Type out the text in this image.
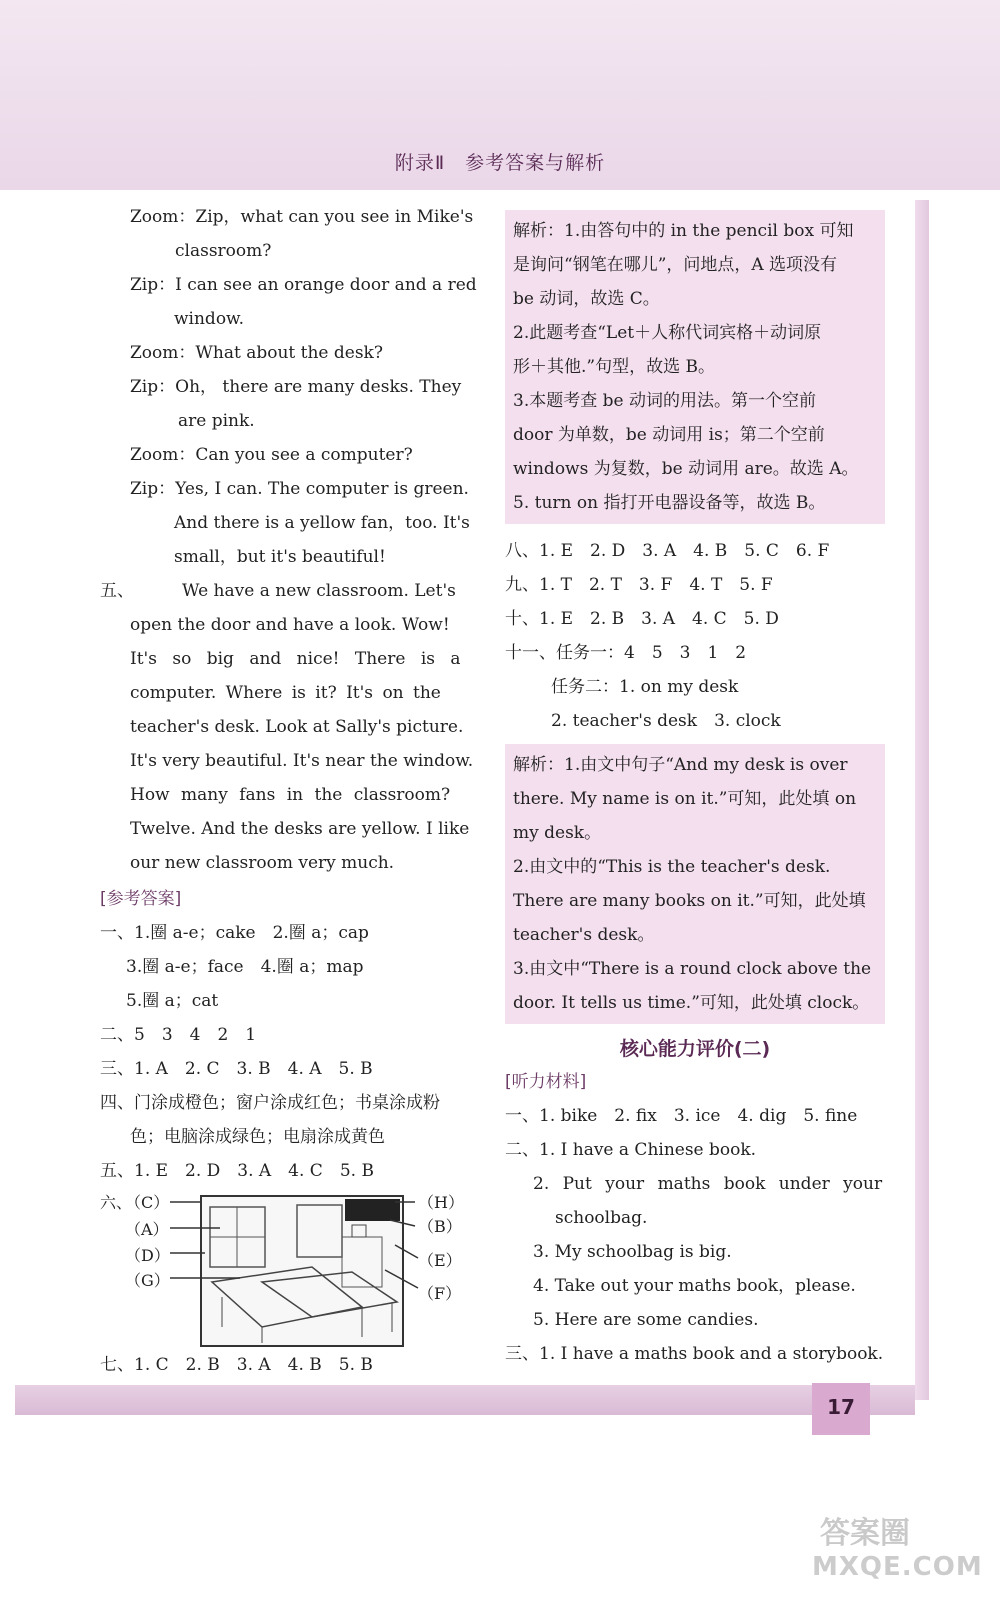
附录Ⅱ　参考答案与解析
Zoom：Zip，what can you see in Mike's
classroom?
Zip：I can see an orange door and a red
window.
Zoom：What about the desk?
Zip：Oh， there are many desks. They
are pink.
Zoom：Can you see a computer?
Zip：Yes, I can. The computer is green.
And there is a yellow fan，too. It's
small，but it's beautiful!
五、	We have a new classroom. Let's
open the door and have a look. Wow!
It's so big and nice! There is a
computer. Where is it? It's on the
teacher's desk. Look at Sally's picture.
It's very beautiful. It's near the window.
How many fans in the classroom?
Twelve. And the desks are yellow. I like
our new classroom very much.
[参考答案]
一、1.圈 a-e；cake　2.圈 a；cap
3.圈 a-e；face　4.圈 a；map
5.圈 a；cat
二、5　3　4　2　1
三、1. A　2. C　3. B　4. A　5. B
四、门涂成橙色；窗户涂成红色；书桌涂成粉
色；电脑涂成绿色；电扇涂成黄色
五、1. E　2. D　3. A　4. C　5. B
六、
（C）
（A）
（D）
（G）
（H）
（B）
（E）
（F）
七、1. C　2. B　3. A　4. B　5. B
解析：1.由答句中的 in the pencil box 可知
是询问“钢笔在哪儿”，问地点，A 选项没有
be 动词，故选 C。
2.此题考查“Let＋人称代词宾格＋动词原
形＋其他.”句型，故选 B。
3.本题考查 be 动词的用法。第一个空前
door 为单数，be 动词用 is；第二个空前
windows 为复数，be 动词用 are。故选 A。
5. turn on 指打开电器设备等，故选 B。
八、1. E　2. D　3. A　4. B　5. C　6. F
九、1. T　2. T　3. F　4. T　5. F
十、1. E　2. B　3. A　4. C　5. D
十一、任务一：4　5　3　1　2
任务二：1. on my desk
2. teacher's desk　3. clock
解析：1.由文中句子“And my desk is over
there. My name is on it.”可知，此处填 on
my desk。
2.由文中的“This is the teacher's desk.
There are many books on it.”可知，此处填
teacher's desk。
3.由文中“There is a round clock above the
door. It tells us time.”可知，此处填 clock。
核心能力评价(二)
[听力材料]
一、1. bike　2. fix　3. ice　4. dig　5. fine
二、1. I have a Chinese book.
2. Put your maths book under your
schoolbag.
3. My schoolbag is big.
4. Take out your maths book，please.
5. Here are some candies.
三、1. I have a maths book and a storybook.
17
答案圈
MXQE.COM
